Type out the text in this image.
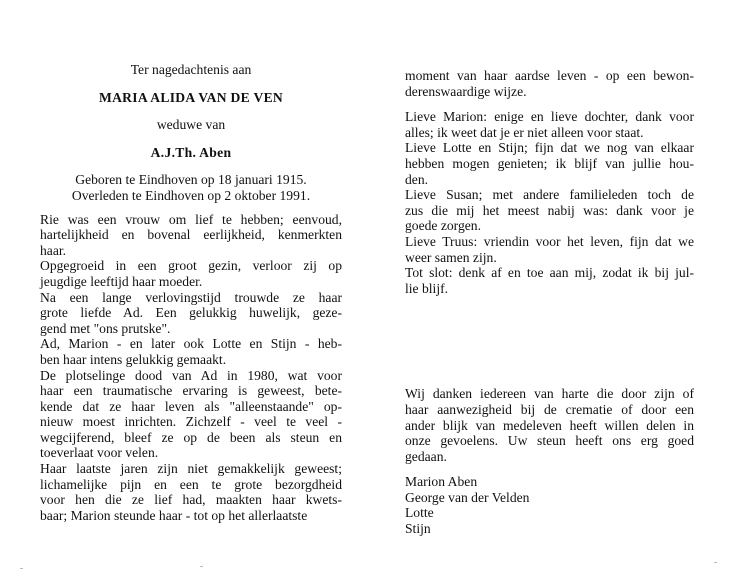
Ter nagedachtenis aan
MARIA ALIDA VAN DE VEN
weduwe van
A.J.Th. Aben
Geboren te Eindhoven op 18 januari 1915.
Overleden te Eindhoven op 2 oktober 1991.
Rie was een vrouw om lief te hebben; eenvoud,
hartelijkheid en bovenal eerlijkheid, kenmerkten
haar.
Opgegroeid in een groot gezin, verloor zij op
jeugdige leeftijd haar moeder.
Na een lange verlovingstijd trouwde ze haar
grote liefde Ad. Een gelukkig huwelijk, geze-
gend met "ons prutske".
Ad, Marion - en later ook Lotte en Stijn - heb-
ben haar intens gelukkig gemaakt.
De plotselinge dood van Ad in 1980, wat voor
haar een traumatische ervaring is geweest, bete-
kende dat ze haar leven als "alleenstaande" op-
nieuw moest inrichten. Zichzelf - veel te veel -
wegcijferend, bleef ze op de been als steun en
toeverlaat voor velen.
Haar laatste jaren zijn niet gemakkelijk geweest;
lichamelijke pijn en een te grote bezorgdheid
voor hen die ze lief had, maakten haar kwets-
baar; Marion steunde haar - tot op het allerlaatste
moment van haar aardse leven - op een bewon-
derenswaardige wijze.
Lieve Marion: enige en lieve dochter, dank voor
alles; ik weet dat je er niet alleen voor staat.
Lieve Lotte en Stijn; fijn dat we nog van elkaar
hebben mogen genieten; ik blijf van jullie hou-
den.
Lieve Susan; met andere familieleden toch de
zus die mij het meest nabij was: dank voor je
goede zorgen.
Lieve Truus: vriendin voor het leven, fijn dat we
weer samen zijn.
Tot slot: denk af en toe aan mij, zodat ik bij jul-
lie blijf.
Wij danken iedereen van harte die door zijn of
haar aanwezigheid bij de crematie of door een
ander blijk van medeleven heeft willen delen in
onze gevoelens. Uw steun heeft ons erg goed
gedaan.
Marion Aben
George van der Velden
Lotte
Stijn
